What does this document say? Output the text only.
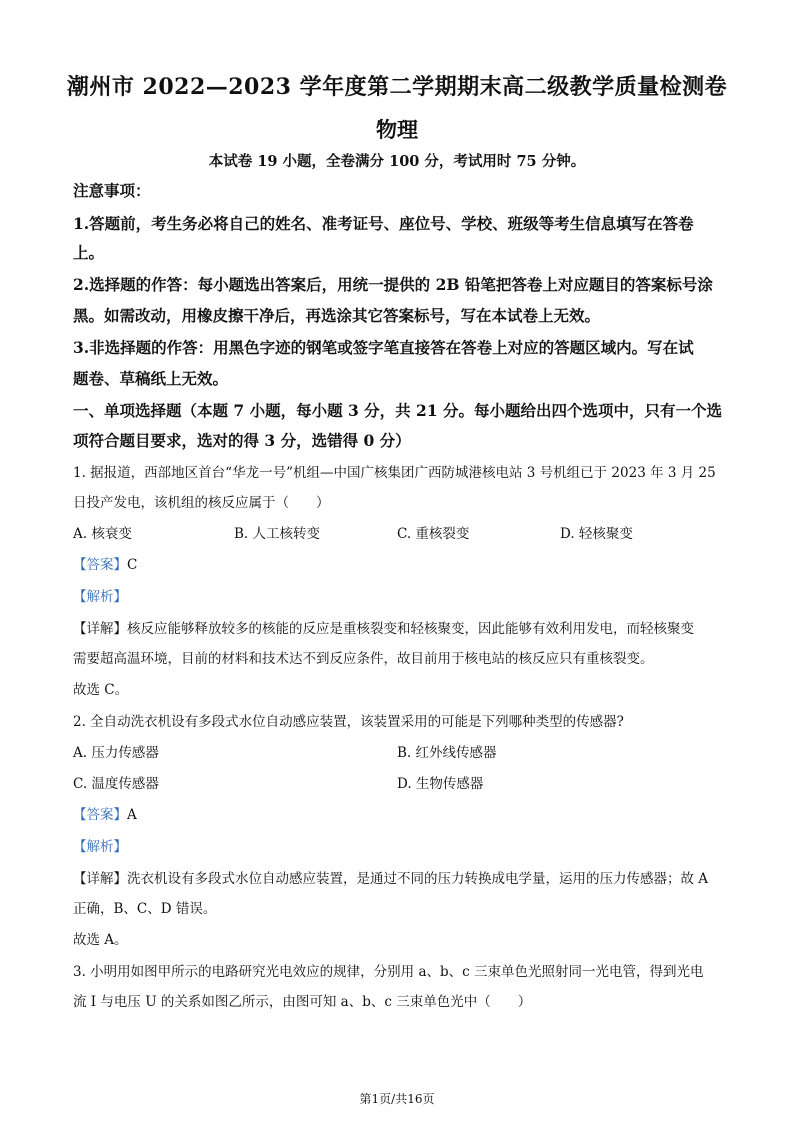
潮州市 2022—2023 学年度第二学期期末高二级教学质量检测卷
物理
本试卷 19 小题，全卷满分 100 分，考试用时 75 分钟。
注意事项：
1.答题前，考生务必将自己的姓名、准考证号、座位号、学校、班级等考生信息填写在答卷
上。
2.选择题的作答：每小题选出答案后，用统一提供的 2B 铅笔把答卷上对应题目的答案标号涂
黑。如需改动，用橡皮擦干净后，再选涂其它答案标号，写在本试卷上无效。
3.非选择题的作答：用黑色字迹的钢笔或签字笔直接答在答卷上对应的答题区域内。写在试
题卷、草稿纸上无效。
一、单项选择题（本题 7 小题，每小题 3 分，共 21 分。每小题给出四个选项中，只有一个选
项符合题目要求，选对的得 3 分，选错得 0 分）
1. 据报道，西部地区首台“华龙一号”机组—中国广核集团广西防城港核电站 3 号机组已于 2023 年 3 月 25
日投产发电，该机组的核反应属于（　　）
A. 核衰变	B. 人工核转变	C. 重核裂变	D. 轻核聚变
【答案】C
【解析】
【详解】核反应能够释放较多的核能的反应是重核裂变和轻核聚变，因此能够有效利用发电，而轻核聚变
需要超高温环境，目前的材料和技术达不到反应条件，故目前用于核电站的核反应只有重核裂变。
故选 C。
2. 全自动洗衣机设有多段式水位自动感应装置，该装置采用的可能是下列哪种类型的传感器?
A. 压力传感器	B. 红外线传感器
C. 温度传感器	D. 生物传感器
【答案】A
【解析】
【详解】洗衣机设有多段式水位自动感应装置，是通过不同的压力转换成电学量，运用的压力传感器；故 A
正确，B、C、D 错误。
故选 A。
3. 小明用如图甲所示的电路研究光电效应的规律，分别用 a、b、c 三束单色光照射同一光电管，得到光电
流 I 与电压 U 的关系如图乙所示，由图可知 a、b、c 三束单色光中（　　）
第1页/共16页
